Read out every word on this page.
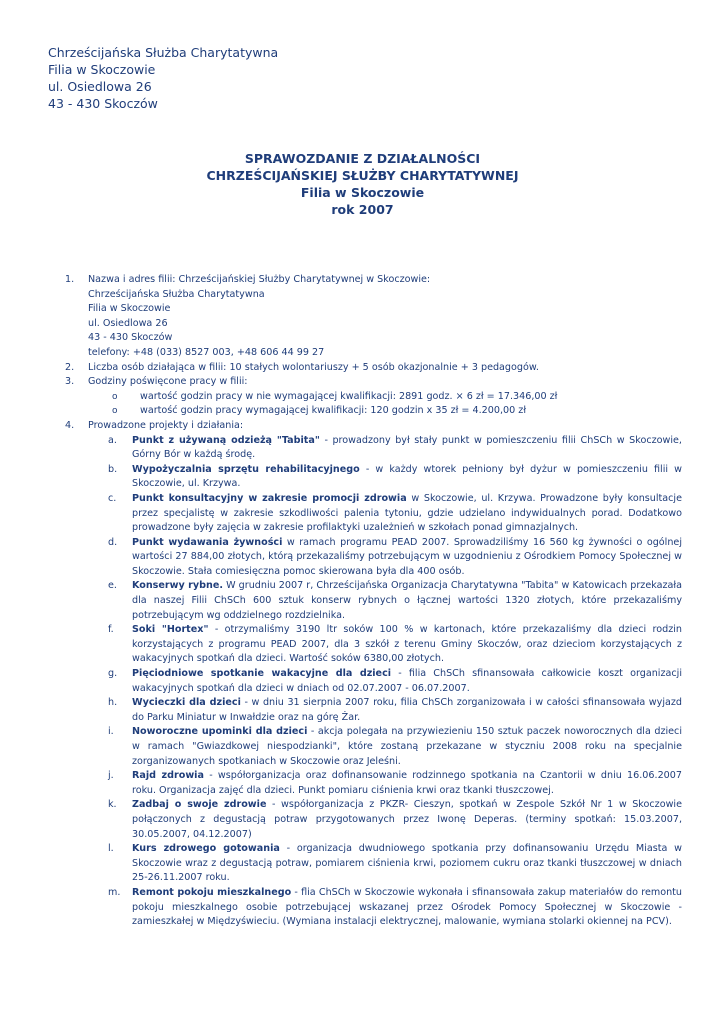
Chrześcijańska Służba Charytatywna
Filia w Skoczowie
ul. Osiedlowa 26
43 - 430 Skoczów
SPRAWOZDANIE Z DZIAŁALNOŚCI
CHRZEŚCIJAŃSKIEJ SŁUŻBY CHARYTATYWNEJ
Filia w Skoczowie
rok 2007
1. Nazwa i adres filii: Chrześcijańskiej Służby Charytatywnej w Skoczowie:
Chrześcijańska Służba Charytatywna
Filia w Skoczowie
ul. Osiedlowa 26
43 - 430 Skoczów
telefony: +48 (033) 8527 003, +48 606 44 99 27
2. Liczba osób działająca w filii: 10 stałych wolontariuszy + 5 osób okazjonalnie + 3 pedagogów.
3. Godziny poświęcone pracy w filii:
o wartość godzin pracy w nie wymagającej kwalifikacji: 2891 godz. × 6 zł = 17.346,00 zł
o wartość godzin pracy wymagającej kwalifikacji: 120 godzin x 35 zł = 4.200,00 zł
4. Prowadzone projekty i działania:
a. Punkt z używaną odzieżą "Tabita" - prowadzony był stały punkt w pomieszczeniu filii ChSCh w Skoczowie, Górny Bór w każdą środę.
b. Wypożyczalnia sprzętu rehabilitacyjnego - w każdy wtorek pełniony był dyżur w pomieszczeniu filii w Skoczowie, ul. Krzywa.
c. Punkt konsultacyjny w zakresie promocji zdrowia w Skoczowie, ul. Krzywa. Prowadzone były konsultacje przez specjalistę w zakresie szkodliwości palenia tytoniu, gdzie udzielano indywidualnych porad. Dodatkowo prowadzone były zajęcia w zakresie profilaktyki uzależnień w szkołach ponad gimnazjalnych.
d. Punkt wydawania żywności w ramach programu PEAD 2007. Sprowadziliśmy 16 560 kg żywności o ogólnej wartości 27 884,00 złotych, którą przekazaliśmy potrzebującym w uzgodnieniu z Ośrodkiem Pomocy Społecznej w Skoczowie. Stała comiesięczna pomoc skierowana była dla 400 osób.
e. Konserwy rybne. W grudniu 2007 r, Chrześcijańska Organizacja Charytatywna "Tabita" w Katowicach przekazała dla naszej Filii ChSCh 600 sztuk konserw rybnych o łącznej wartości 1320 złotych, które przekazaliśmy potrzebującym wg oddzielnego rozdzielnika.
f. Soki "Hortex" - otrzymaliśmy 3190 ltr soków 100 % w kartonach, które przekazaliśmy dla dzieci rodzin korzystających z programu PEAD 2007, dla 3 szkół z terenu Gminy Skoczów, oraz dzieciom korzystających z wakacyjnych spotkań dla dzieci. Wartość soków 6380,00 złotych.
g. Pięciodniowe spotkanie wakacyjne dla dzieci - filia ChSCh sfinansowała całkowicie koszt organizacji wakacyjnych spotkań dla dzieci w dniach od 02.07.2007 - 06.07.2007.
h. Wycieczki dla dzieci - w dniu 31 sierpnia 2007 roku, filia ChSCh zorganizowała i w całości sfinansowała wyjazd do Parku Miniatur w Inwałdzie oraz na górę Żar.
i. Noworoczne upominki dla dzieci - akcja polegała na przywiezieniu 150 sztuk paczek noworocznych dla dzieci w ramach "Gwiazdkowej niespodzianki", które zostaną przekazane w styczniu 2008 roku na specjalnie zorganizowanych spotkaniach w Skoczowie oraz Jeleśni.
j. Rajd zdrowia - współorganizacja oraz dofinansowanie rodzinnego spotkania na Czantorii w dniu 16.06.2007 roku. Organizacja zajęć dla dzieci. Punkt pomiaru ciśnienia krwi oraz tkanki tłuszczowej.
k. Zadbaj o swoje zdrowie - współorganizacja z PKZR- Cieszyn, spotkań w Zespole Szkół Nr 1 w Skoczowie połączonych z degustacją potraw przygotowanych przez Iwonę Deperas. (terminy spotkań: 15.03.2007, 30.05.2007, 04.12.2007)
l. Kurs zdrowego gotowania - organizacja dwudniowego spotkania przy dofinansowaniu Urzędu Miasta w Skoczowie wraz z degustacją potraw, pomiarem ciśnienia krwi, poziomem cukru oraz tkanki tłuszczowej w dniach 25-26.11.2007 roku.
m. Remont pokoju mieszkalnego - flia ChSCh w Skoczowie wykonała i sfinansowała zakup materiałów do remontu pokoju mieszkalnego osobie potrzebującej wskazanej przez Ośrodek Pomocy Społecznej w Skoczowie - zamieszkałej w Międzyświeciu. (Wymiana instalacji elektrycznej, malowanie, wymiana stolarki okiennej na PCV).
